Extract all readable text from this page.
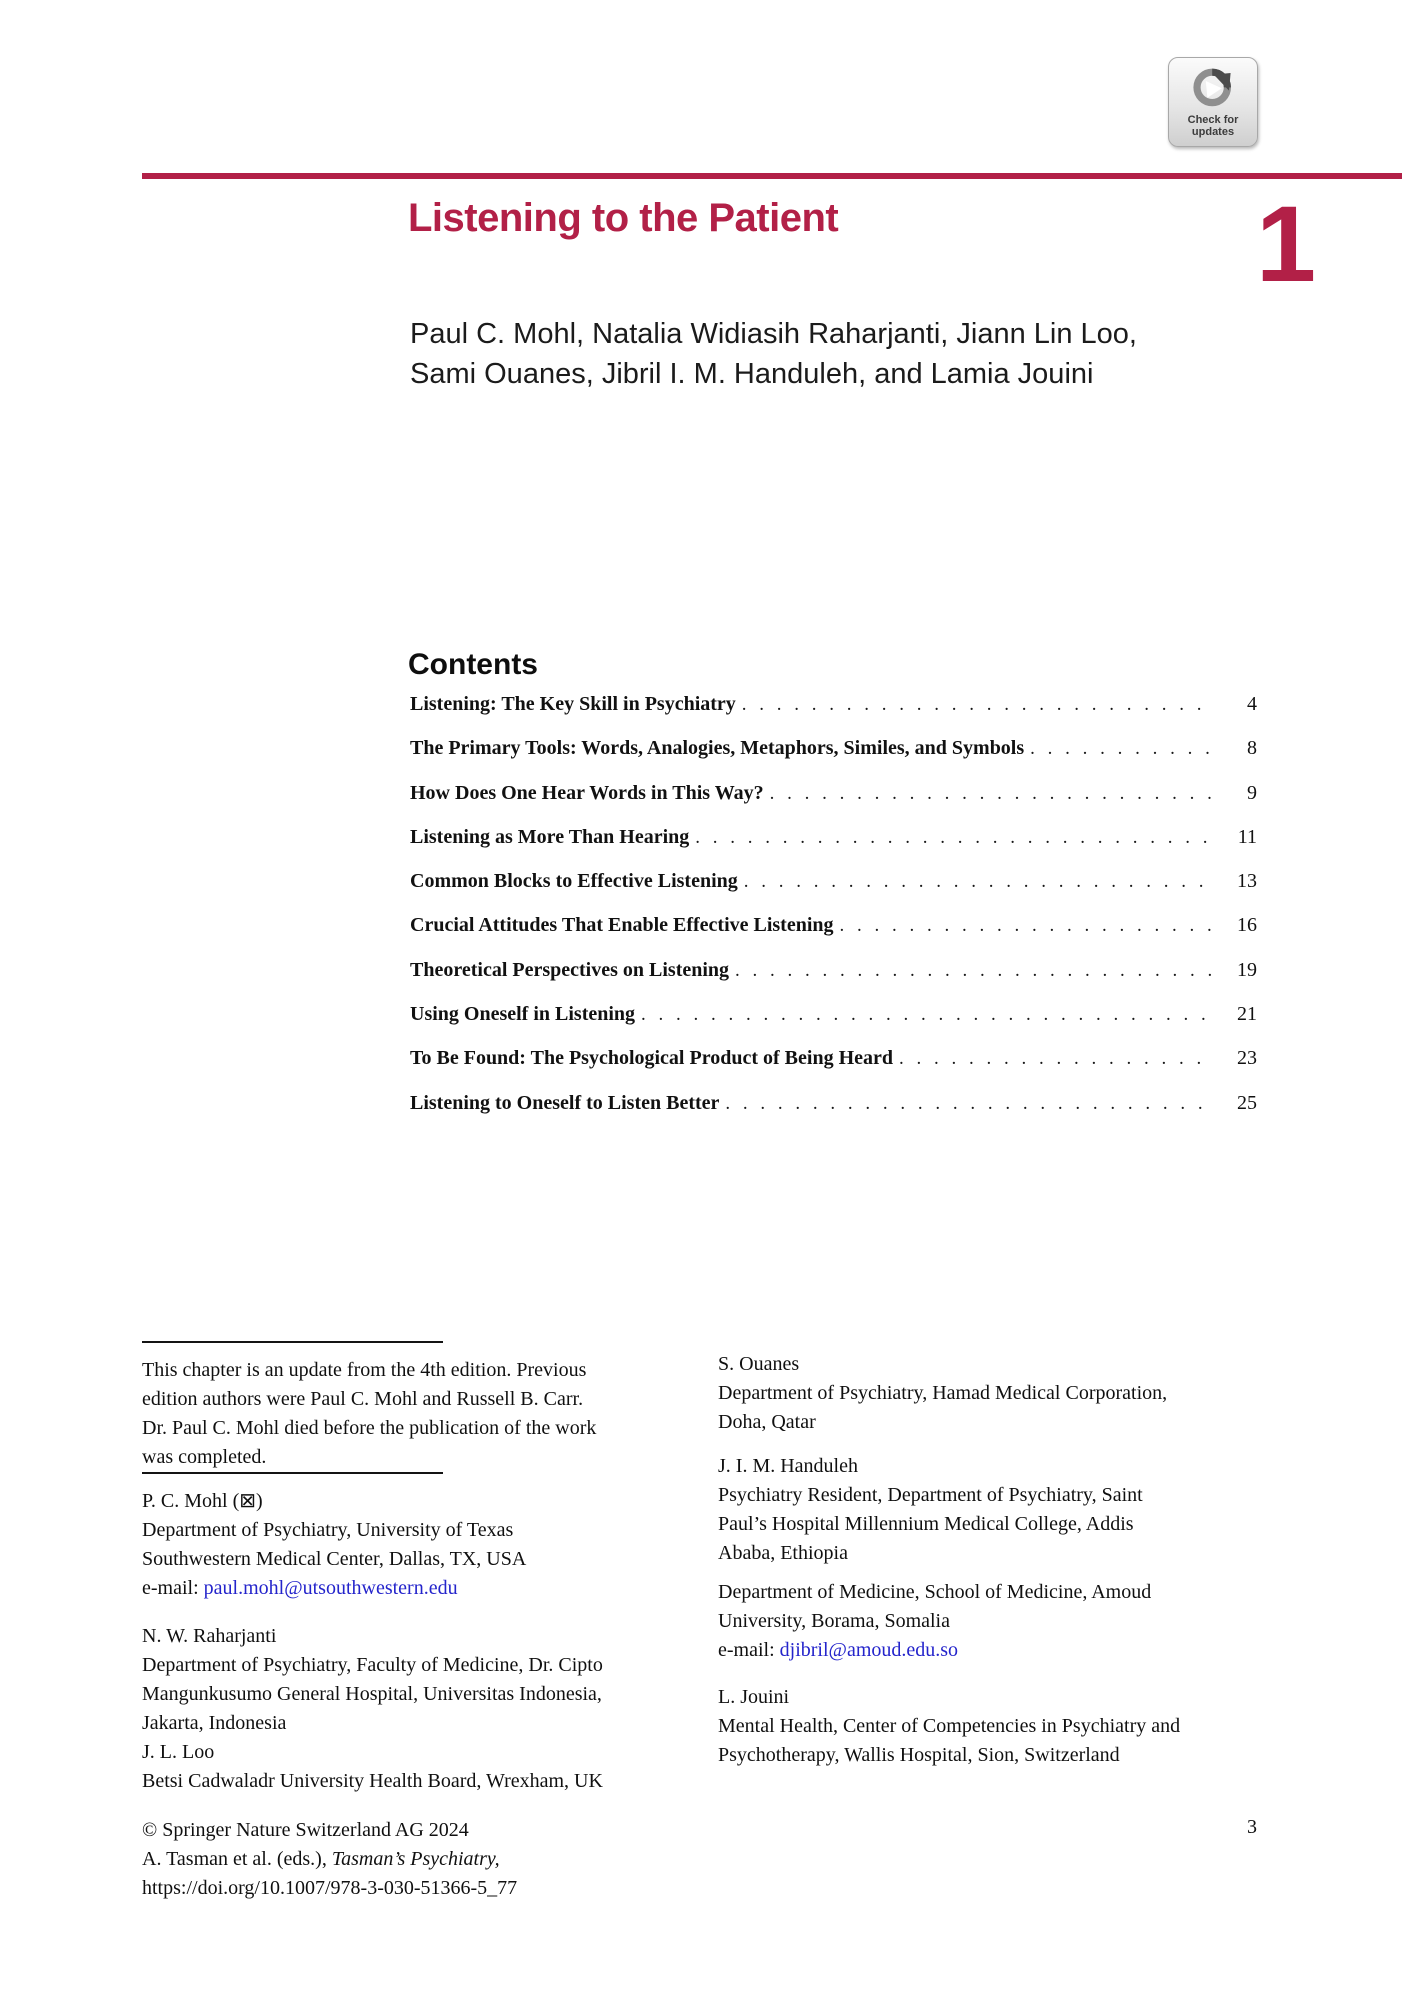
Check for
updates
Listening to the Patient	1
Paul C. Mohl, Natalia Widiasih Raharjanti, Jiann Lin Loo,
Sami Ouanes, Jibril I. M. Handuleh, and Lamia Jouini
Contents
Listening: The Key Skill in Psychiatry . . .	4
The Primary Tools: Words, Analogies, Metaphors, Similes, and Symbols . . .	8
How Does One Hear Words in This Way? . . .	9
Listening as More Than Hearing . . .	11
Common Blocks to Effective Listening . . .	13
Crucial Attitudes That Enable Effective Listening . . .	16
Theoretical Perspectives on Listening . . .	19
Using Oneself in Listening . . .	21
To Be Found: The Psychological Product of Being Heard . . .	23
Listening to Oneself to Listen Better . . .	25
This chapter is an update from the 4th edition. Previous
edition authors were Paul C. Mohl and Russell B. Carr.
Dr. Paul C. Mohl died before the publication of the work
was completed.
P. C. Mohl (⊠)
Department of Psychiatry, University of Texas
Southwestern Medical Center, Dallas, TX, USA
e-mail: paul.mohl@utsouthwestern.edu
N. W. Raharjanti
Department of Psychiatry, Faculty of Medicine, Dr. Cipto
Mangunkusumo General Hospital, Universitas Indonesia,
Jakarta, Indonesia
J. L. Loo
Betsi Cadwaladr University Health Board, Wrexham, UK
© Springer Nature Switzerland AG 2024
A. Tasman et al. (eds.), Tasman’s Psychiatry,
https://doi.org/10.1007/978-3-030-51366-5_77
S. Ouanes
Department of Psychiatry, Hamad Medical Corporation,
Doha, Qatar
J. I. M. Handuleh
Psychiatry Resident, Department of Psychiatry, Saint
Paul’s Hospital Millennium Medical College, Addis
Ababa, Ethiopia
Department of Medicine, School of Medicine, Amoud
University, Borama, Somalia
e-mail: djibril@amoud.edu.so
L. Jouini
Mental Health, Center of Competencies in Psychiatry and
Psychotherapy, Wallis Hospital, Sion, Switzerland
3
